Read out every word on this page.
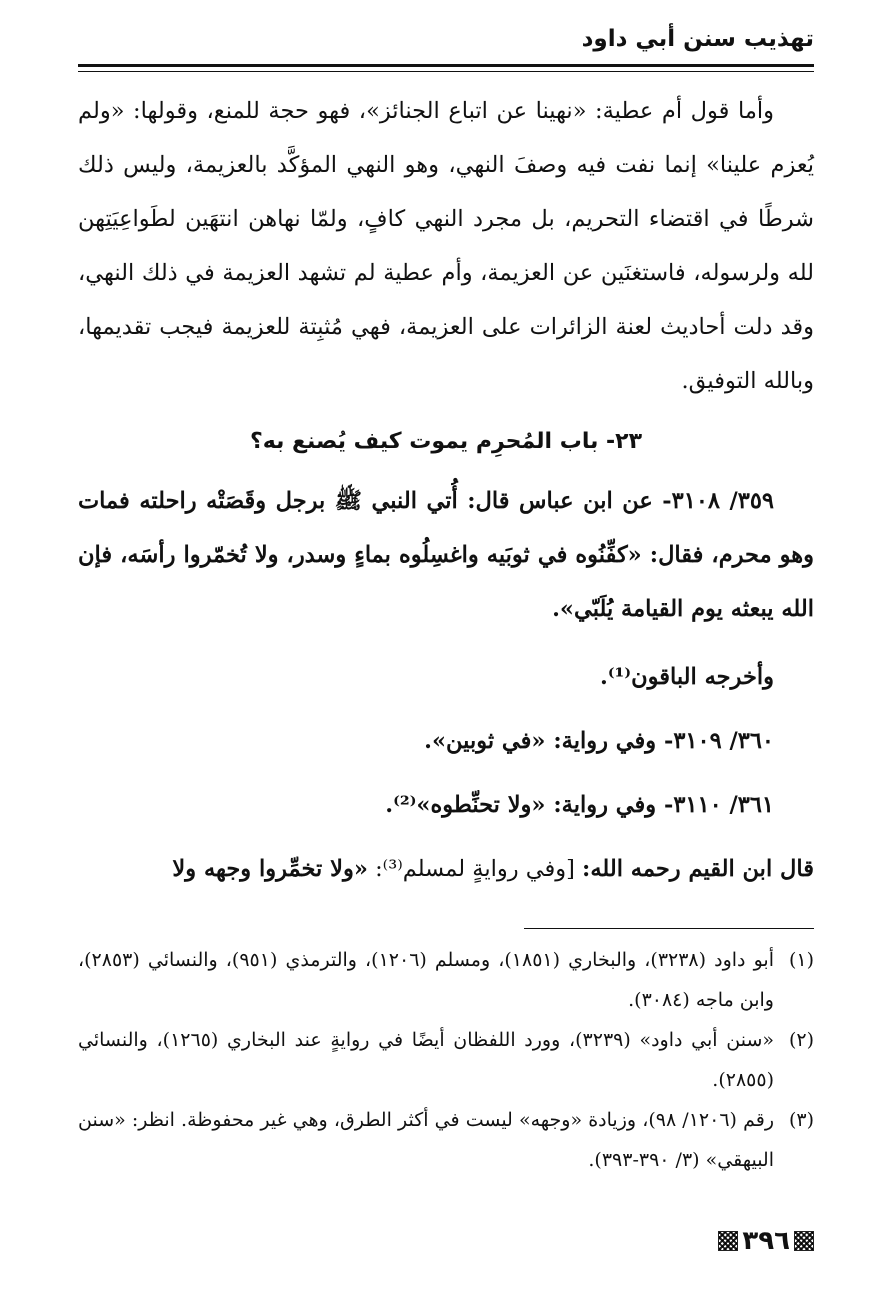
تهذيب سنن أبي داود

وأما قول أم عطية: «نهينا عن اتباع الجنائز»، فهو حجة للمنع، وقولها: «ولم يُعزم علينا» إنما نفت فيه وصفَ النهي، وهو النهي المؤكَّد بالعزيمة، وليس ذلك شرطًا في اقتضاء التحريم، بل مجرد النهي كافٍ، ولمّا نهاهن انتهَين لطَواعِيَتِهن لله ولرسوله، فاستغنَين عن العزيمة، وأم عطية لم تشهد العزيمة في ذلك النهي، وقد دلت أحاديث لعنة الزائرات على العزيمة، فهي مُثبِتة للعزيمة فيجب تقديمها، وبالله التوفيق.

٢٣- باب المُحرِم يموت كيف يُصنع به؟

٣٥٩/ ٣١٠٨- عن ابن عباس قال: أُتي النبي ﷺ برجل وقَصَتْه راحلته فمات وهو محرم، فقال: «كفِّنُوه في ثوبَيه واغسِلُوه بماءٍ وسدر، ولا تُخمّروا رأسَه، فإن الله يبعثه يوم القيامة يُلَبّي».

وأخرجه الباقون⁽¹⁾.

٣٦٠/ ٣١٠٩- وفي رواية: «في ثوبين».

٣٦١/ ٣١١٠- وفي رواية: «ولا تحنِّطوه»⁽²⁾.

قال ابن القيم رحمه الله: [وفي روايةٍ لمسلم⁽³⁾: «ولا تخمِّروا وجهه ولا

(١)
أبو داود (٣٢٣٨)، والبخاري (١٨٥١)، ومسلم (١٢٠٦)، والترمذي (٩٥١)، والنسائي (٢٨٥٣)، وابن ماجه (٣٠٨٤).
(٢)
«سنن أبي داود» (٣٢٣٩)، وورد اللفظان أيضًا في روايةٍ عند البخاري (١٢٦٥)، والنسائي (٢٨٥٥).
(٣)
رقم (١٢٠٦/ ٩٨)، وزيادة «وجهه» ليست في أكثر الطرق، وهي غير محفوظة. انظر: «سنن البيهقي» (٣/ ٣٩٠-٣٩٣).
٣٩٦
